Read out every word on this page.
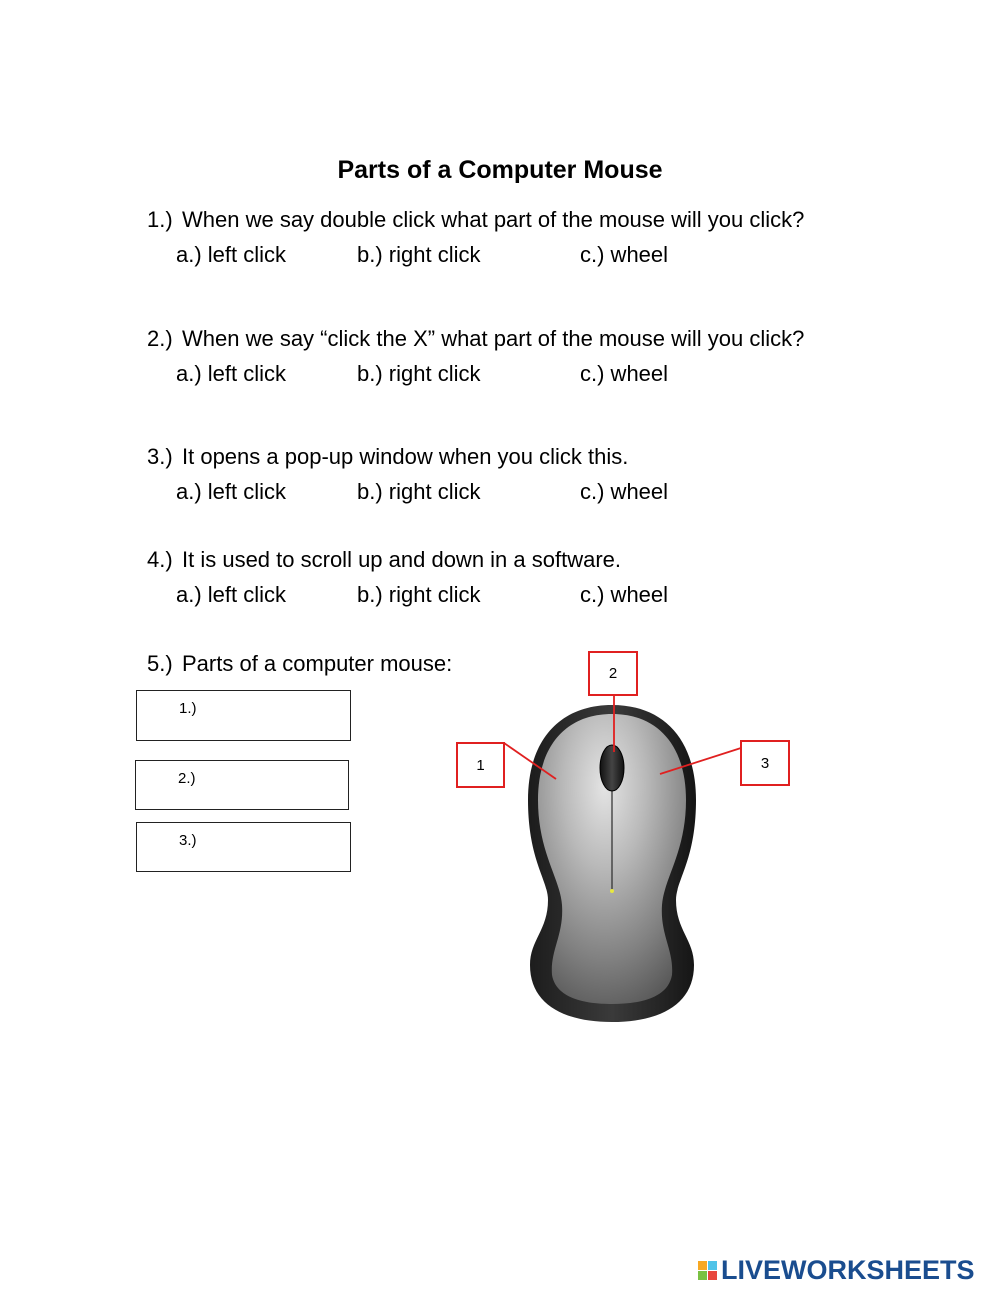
Parts of a Computer Mouse
1.) When we say double click what part of the mouse will you click?
a.) left click	b.) right click	c.) wheel
2.) When we say “click the X” what part of the mouse will you click?
a.) left click	b.) right click	c.) wheel
3.) It opens a pop-up window when you click this.
a.) left click	b.) right click	c.) wheel
4.) It is used to scroll up and down in a software.
a.) left click	b.) right click	c.) wheel
5.) Parts of a computer mouse:
1.)
2.)
3.)
1
2
3
LIVEWORKSHEETS
